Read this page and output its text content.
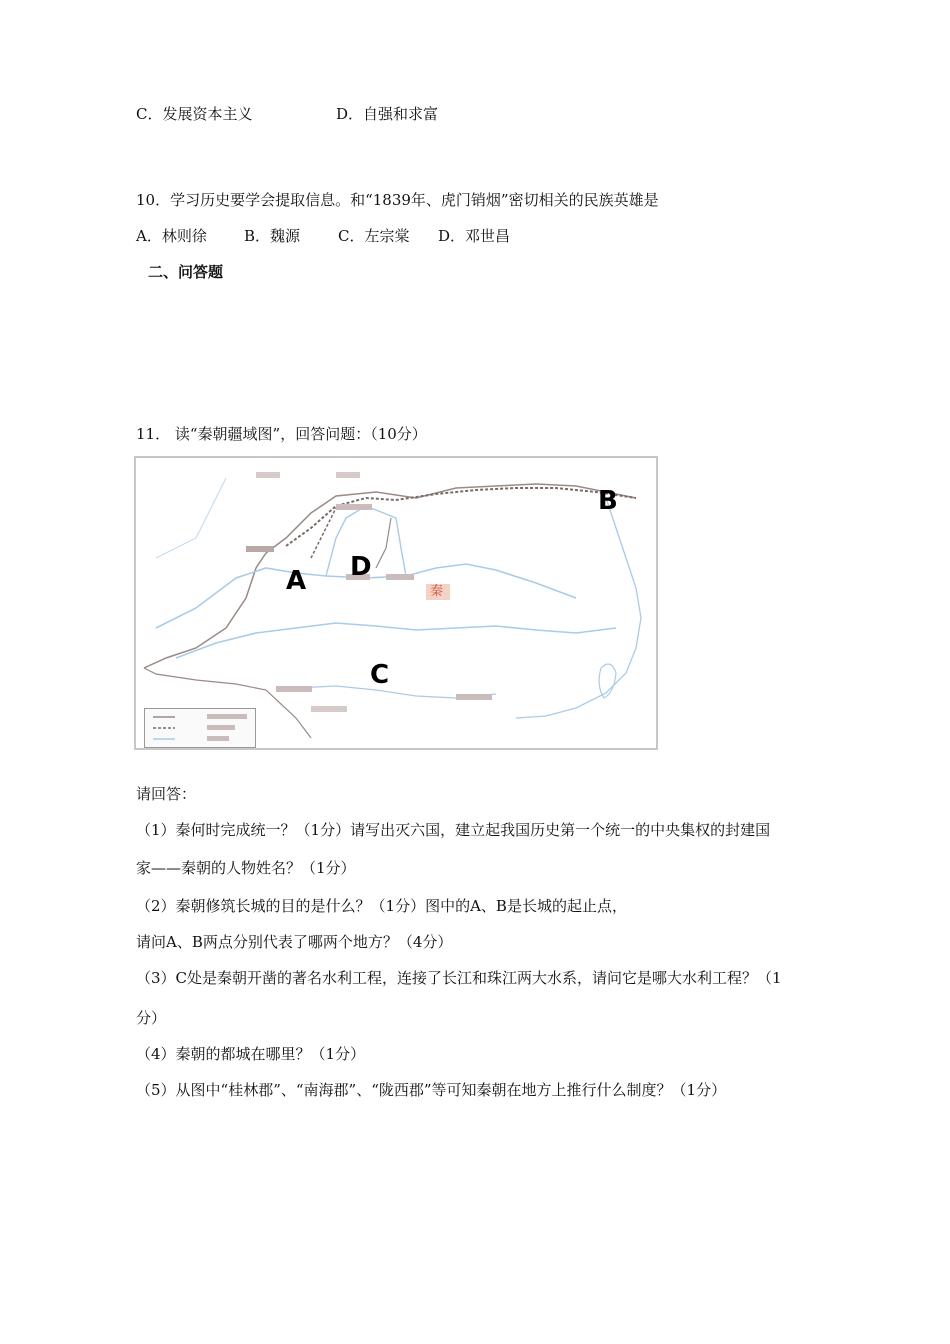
C．发展资本主义	D．自强和求富
10．学习历史要学会提取信息。和“1839年、虎门销烟”密切相关的民族英雄是
A．林则徐 B．魏源	C．左宗棠 D．邓世昌
二、问答题
11． 读“秦朝疆域图”，回答问题：（10分）
秦
A
B
C
D
请回答：
（1）秦何时完成统一？（1分）请写出灭六国，建立起我国历史第一个统一的中央集权的封建国
家——秦朝的人物姓名？（1分）
（2）秦朝修筑长城的目的是什么？（1分）图中的A、B是长城的起止点，
请问A、B两点分别代表了哪两个地方？（4分）
（3）C处是秦朝开凿的著名水利工程，连接了长江和珠江两大水系，请问它是哪大水利工程？（1
分）
（4）秦朝的都城在哪里？（1分）
（5）从图中“桂林郡”、“南海郡”、“陇西郡”等可知秦朝在地方上推行什么制度？（1分）
